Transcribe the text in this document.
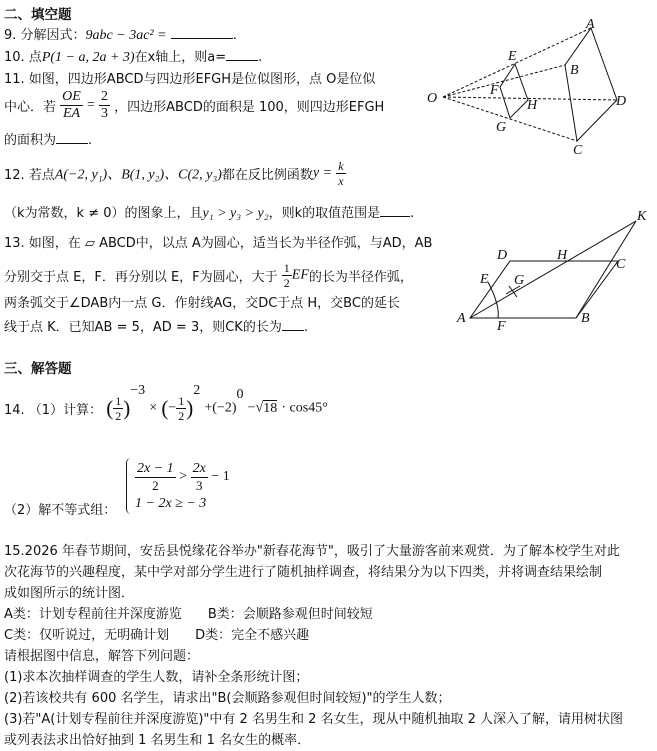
二、填空题
9. 分解因式：9abc − 3ac² =	.
10. 点P(1 − a, 2a + 3)在x轴上，则a= .
11. 如图，四边形ABCD与四边形EFGH是位似图形，点 O是位似
中心．若 $\frac{OE}{EA} = \frac{2}{3}$ ，四边形ABCD的面积是 100，则四边形EFGH
的面积为 .
O
A
B
C
D
E
F
G
H
12. 若点A(−2, y₁)、B(1, y₂)、C(2, y₃)都在反比例函数$y = \frac{k}{x}$
（k为常数，k ≠ 0）的图象上，且y₁ > y₃ > y₂，则k的取值范围是 .
13. 如图，在 ▱ ABCD中，以点 A为圆心，适当长为半径作弧，与AD，AB
分别交于点 E，F．再分别以 E，F为圆心，大于 $\frac{1}{2}$ EF的长为半径作弧，
两条弧交于∠DAB内一点 G．作射线AG，交DC于点 H，交BC的延长
线于点 K．已知AB = 5，AD = 3，则CK的长为 .
K
D	H
C
E G
A
F
B
三、解答题
14. （1）计算： ( $\frac{1}{2} )^{-3}$ × (− $\frac{1}{2} )^2 +(-2)^0 -√18 \cdot \cos 45^\circ$
（2）解不等式组：
$\frac{2x - 1}{2} > \frac{2x}{3} - 1$
1 − 2x ≥ − 3
15.2026 年春节期间，安岳县悦缘花谷举办"新春花海节"，吸引了大量游客前来观赏．为了解本校学生对此
次花海节的兴趣程度，某中学对部分学生进行了随机抽样调查，将结果分为以下四类，并将调查结果绘制
成如图所示的统计图．
A类：计划专程前往并深度游览　　B类：会顺路参观但时间较短
C类：仅听说过，无明确计划　　D类：完全不感兴趣
请根据图中信息，解答下列问题：
(1)求本次抽样调查的学生人数，请补全条形统计图；
(2)若该校共有 600 名学生，请求出"B(会顺路参观但时间较短)"的学生人数；
(3)若"A(计划专程前往并深度游览)"中有 2 名男生和 2 名女生，现从中随机抽取 2 人深入了解，请用树状图
或列表法求出恰好抽到 1 名男生和 1 名女生的概率．
